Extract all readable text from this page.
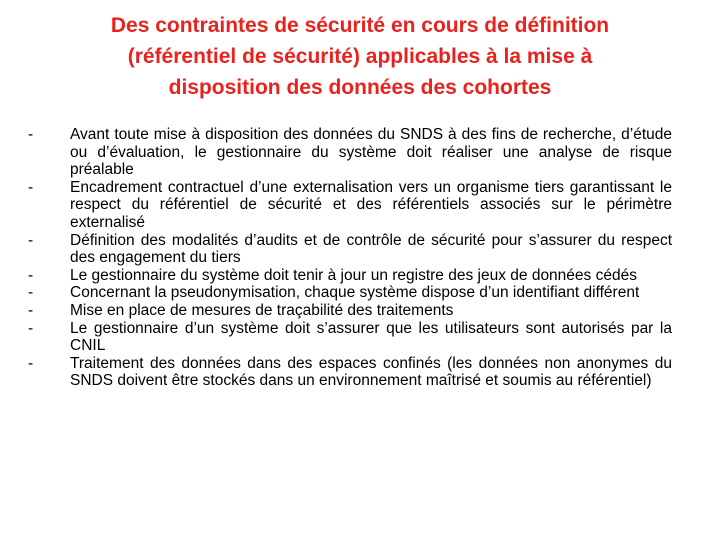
Des contraintes de sécurité en cours de définition
(référentiel de sécurité) applicables à la mise à
disposition des données des cohortes
-	Avant toute mise à disposition des données du SNDS à des fins de recherche, d’étude ou d’évaluation, le gestionnaire du système doit réaliser une analyse de risque préalable
-	Encadrement contractuel d’une externalisation vers un organisme tiers garantissant le respect du référentiel de sécurité et des référentiels associés sur le périmètre externalisé
-	Définition des modalités d’audits et de contrôle de sécurité pour s’assurer du respect des engagement du tiers
-	Le gestionnaire du système doit tenir à jour un registre des jeux de données cédés
-	Concernant la pseudonymisation, chaque système dispose d’un identifiant différent
-	Mise en place de mesures de traçabilité des traitements
-	Le gestionnaire d’un système doit s’assurer que les utilisateurs sont autorisés par la CNIL
-	Traitement des données dans des espaces confinés (les données non anonymes du SNDS doivent être stockés dans un environnement maîtrisé et soumis au référentiel)
